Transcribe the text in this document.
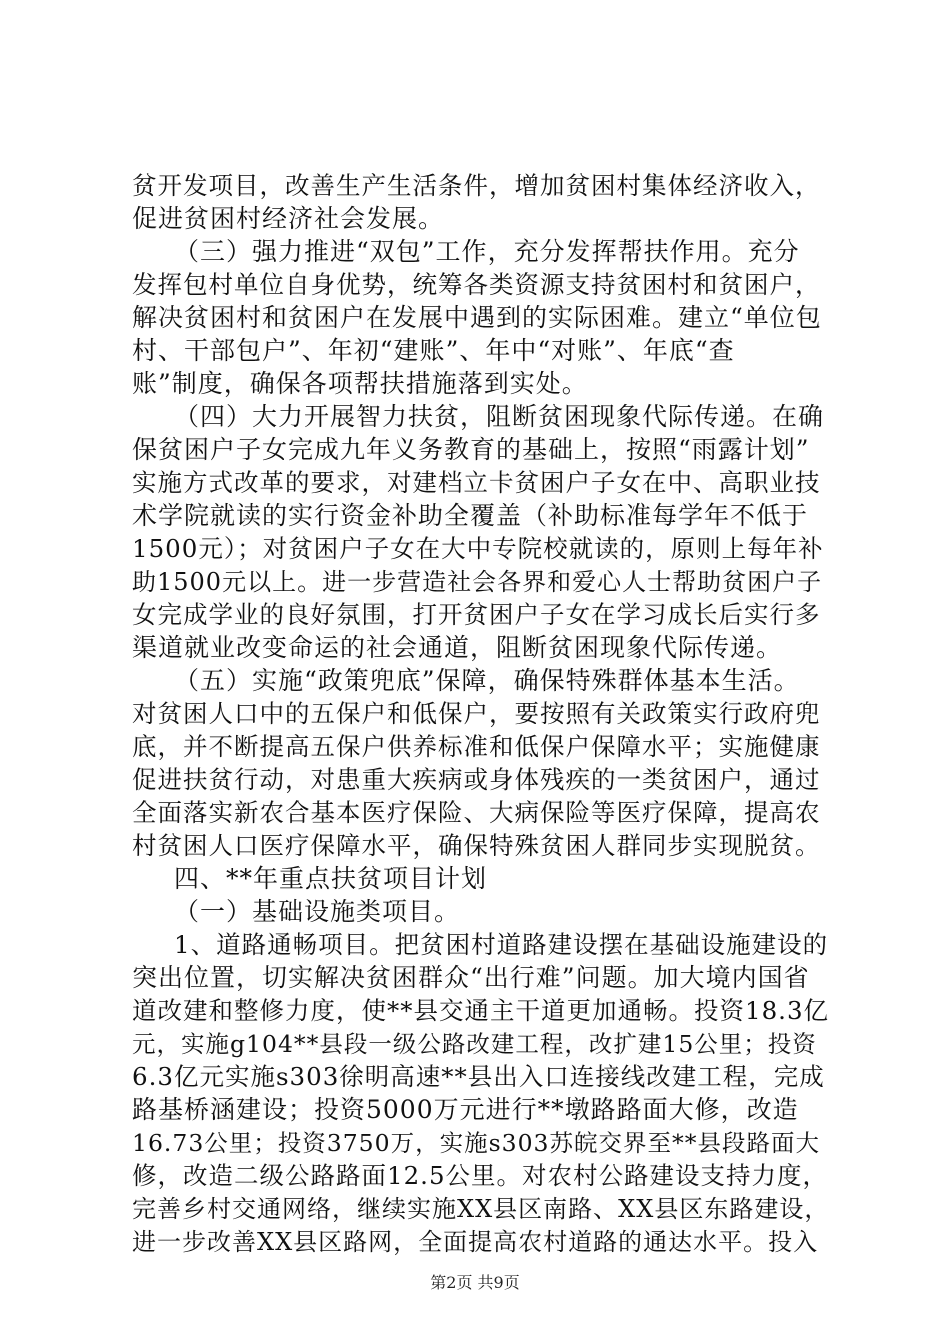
贫开发项目，改善生产生活条件，增加贫困村集体经济收入，
促进贫困村经济社会发展。
（三）强力推进“双包”工作，充分发挥帮扶作用。充分
发挥包村单位自身优势，统筹各类资源支持贫困村和贫困户，
解决贫困村和贫困户在发展中遇到的实际困难。建立“单位包
村、干部包户”、年初“建账”、年中“对账”、年底“查
账”制度，确保各项帮扶措施落到实处。
（四）大力开展智力扶贫，阻断贫困现象代际传递。在确
保贫困户子女完成九年义务教育的基础上，按照“雨露计划”
实施方式改革的要求，对建档立卡贫困户子女在中、高职业技
术学院就读的实行资金补助全覆盖（补助标准每学年不低于
1500元）；对贫困户子女在大中专院校就读的，原则上每年补
助1500元以上。进一步营造社会各界和爱心人士帮助贫困户子
女完成学业的良好氛围，打开贫困户子女在学习成长后实行多
渠道就业改变命运的社会通道，阻断贫困现象代际传递。
（五）实施“政策兜底”保障，确保特殊群体基本生活。
对贫困人口中的五保户和低保户，要按照有关政策实行政府兜
底，并不断提高五保户供养标准和低保户保障水平；实施健康
促进扶贫行动，对患重大疾病或身体残疾的一类贫困户，通过
全面落实新农合基本医疗保险、大病保险等医疗保障，提高农
村贫困人口医疗保障水平，确保特殊贫困人群同步实现脱贫。
四、**年重点扶贫项目计划
（一）基础设施类项目。
1、道路通畅项目。把贫困村道路建设摆在基础设施建设的
突出位置，切实解决贫困群众“出行难”问题。加大境内国省
道改建和整修力度，使**县交通主干道更加通畅。投资18.3亿
元，实施g104**县段一级公路改建工程，改扩建15公里；投资
6.3亿元实施s303徐明高速**县出入口连接线改建工程，完成
路基桥涵建设；投资5000万元进行**墩路路面大修，改造
16.73公里；投资3750万，实施s303苏皖交界至**县段路面大
修，改造二级公路路面12.5公里。对农村公路建设支持力度，
完善乡村交通网络，继续实施XX县区南路、XX县区东路建设，
进一步改善XX县区路网，全面提高农村道路的通达水平。投入
第2页 共9页
